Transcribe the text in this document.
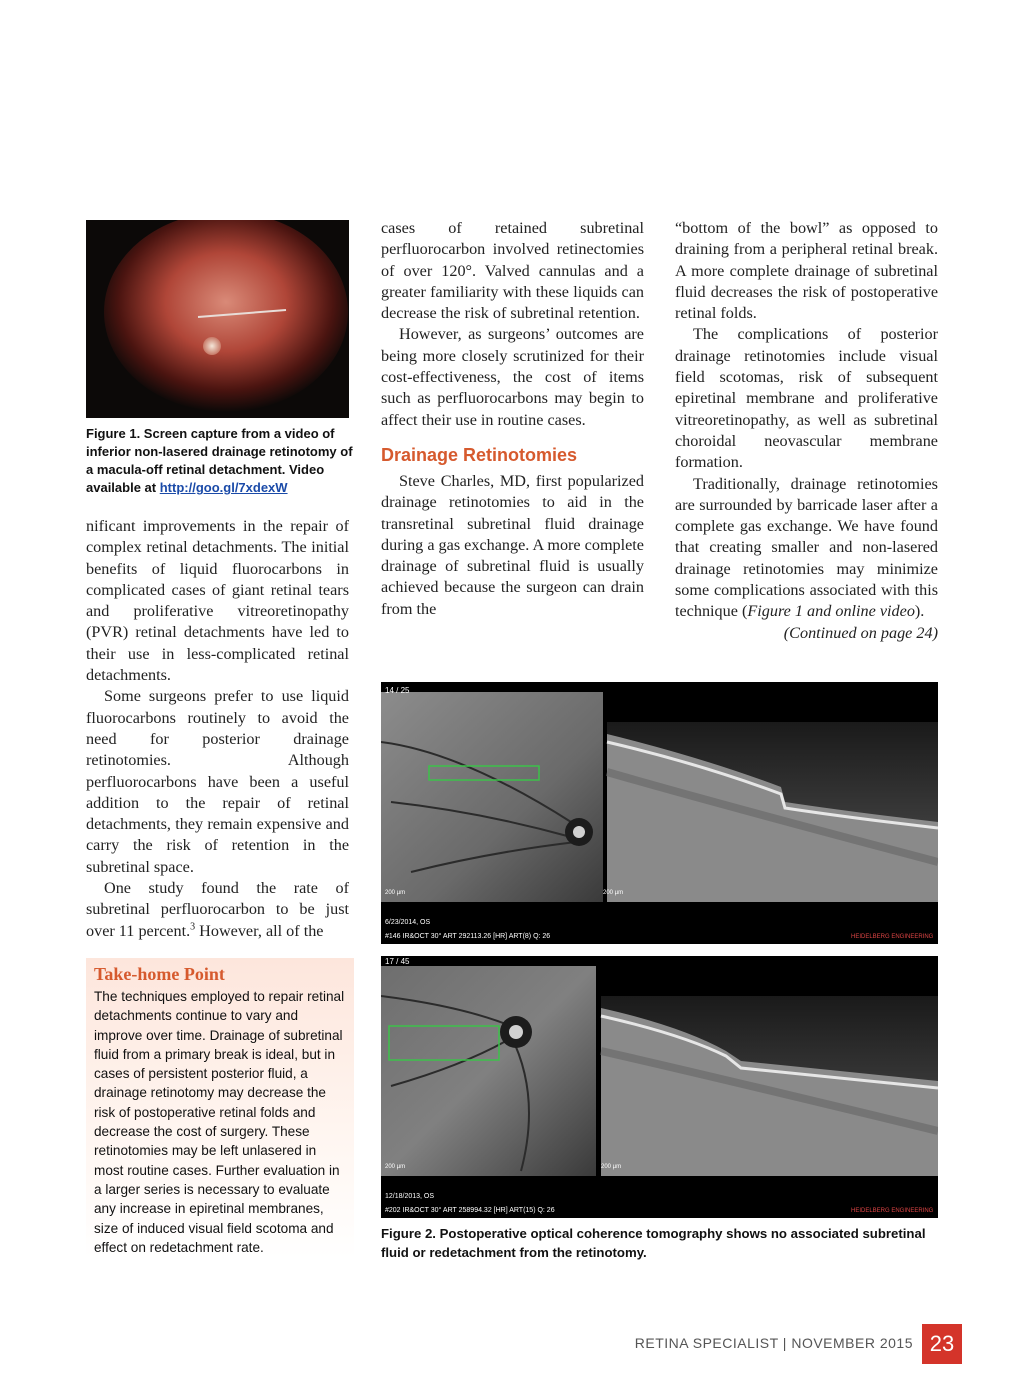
Figure 1. Screen capture from a video of inferior non-lasered drainage retinotomy of a macula-off retinal detachment. Video available at http://goo.gl/7xdexW

nificant improvements in the repair of complex retinal detachments. The initial benefits of liquid fluorocarbons in complicated cases of giant retinal tears and proliferative vitreoretinopathy (PVR) retinal detachments have led to their use in less-complicated retinal detachments.

Some surgeons prefer to use liquid fluorocarbons routinely to avoid the need for posterior drainage retinotomies. Although perfluorocarbons have been a useful addition to the repair of retinal detachments, they remain expensive and carry the risk of retention in the subretinal space.

One study found the rate of subretinal perfluorocarbon to be just over 11 percent.$^3$ However, all of the

Take-home Point

The techniques employed to repair retinal detachments continue to vary and improve over time. Drainage of subretinal fluid from a primary break is ideal, but in cases of persistent posterior fluid, a drainage retinotomy may decrease the risk of postoperative retinal folds and decrease the cost of surgery. These retinotomies may be left unlasered in most routine cases. Further evaluation in a larger series is necessary to evaluate any increase in epiretinal membranes, size of induced visual field scotoma and effect on redetachment rate.

cases of retained subretinal perfluorocarbon involved retinectomies of over 120°. Valved cannulas and a greater familiarity with these liquids can decrease the risk of subretinal retention.

However, as surgeons’ outcomes are being more closely scrutinized for their cost-effectiveness, the cost of items such as perfluorocarbons may begin to affect their use in routine cases.

Drainage Retinotomies

Steve Charles, MD, first popularized drainage retinotomies to aid in the transretinal subretinal fluid drainage during a gas exchange. A more complete drainage of subretinal fluid is usually achieved because the surgeon can drain from the

“bottom of the bowl” as opposed to draining from a peripheral retinal break. A more complete drainage of subretinal fluid decreases the risk of postoperative retinal folds.

The complications of posterior drainage retinotomies include visual field scotomas, risk of subsequent epiretinal membrane and proliferative vitreoretinopathy, as well as subretinal choroidal neovascular membrane formation.

Traditionally, drainage retinotomies are surrounded by barricade laser after a complete gas exchange. We have found that creating smaller and non-lasered drainage retinotomies may minimize some complications associated with this technique (Figure 1 and online video).

(Continued on page 24)

14 / 25
200 µm	200 µm
6/23/2014, OS
#146 IR&OCT 30° ART 292113.26 [HR] ART(8) Q: 26	HEIDELBERG ENGINEERING
17 / 45
200 µm	200 µm
12/18/2013, OS
#202 IR&OCT 30° ART 258994.32 [HR] ART(15) Q: 26	HEIDELBERG ENGINEERING
Figure 2. Postoperative optical coherence tomography shows no associated subretinal fluid or redetachment from the retinotomy.
RETINA SPECIALIST | NOVEMBER 2015 23
